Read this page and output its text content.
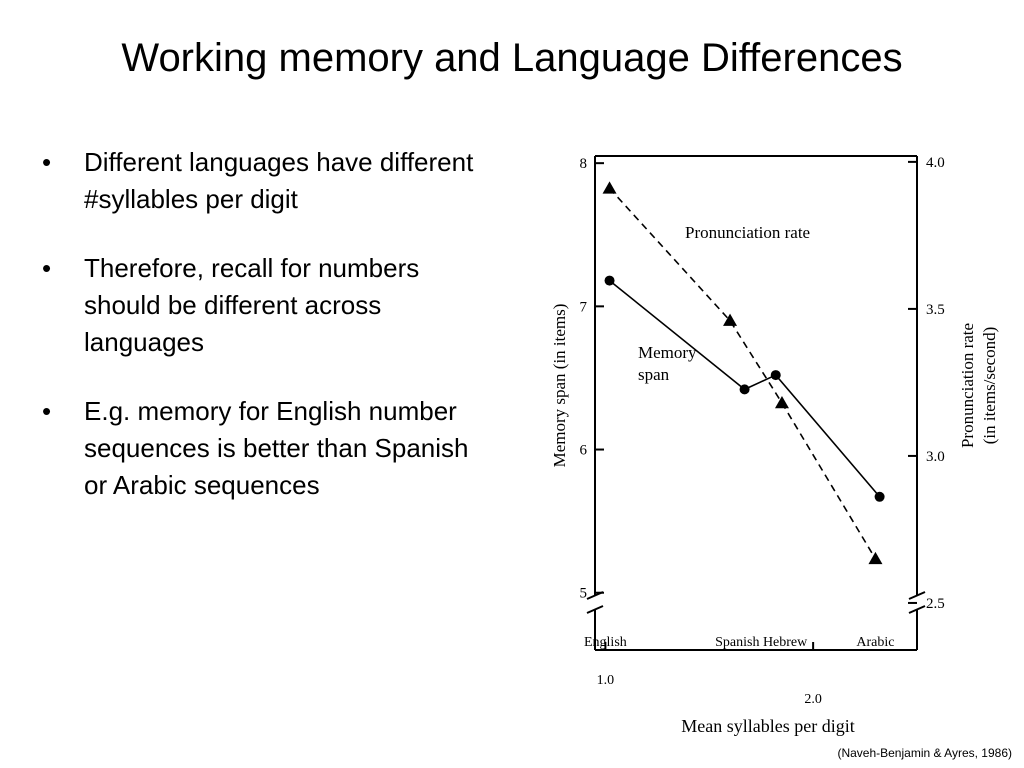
Working memory and Language Differences
• Different languages have different #syllables per digit
• Therefore, recall for numbers should be different across languages
• E.g. memory for English number sequences is better than Spanish or Arabic sequences
8
7
6
5
4.0
3.5
3.0
2.5
1.0
2.0
English	Spanish Hebrew	Arabic
Pronunciation rate
Memory
span
Mean syllables per digit
Memory span (in items)	Pronunciation rate (in items/second)
(Naveh-Benjamin & Ayres, 1986)
